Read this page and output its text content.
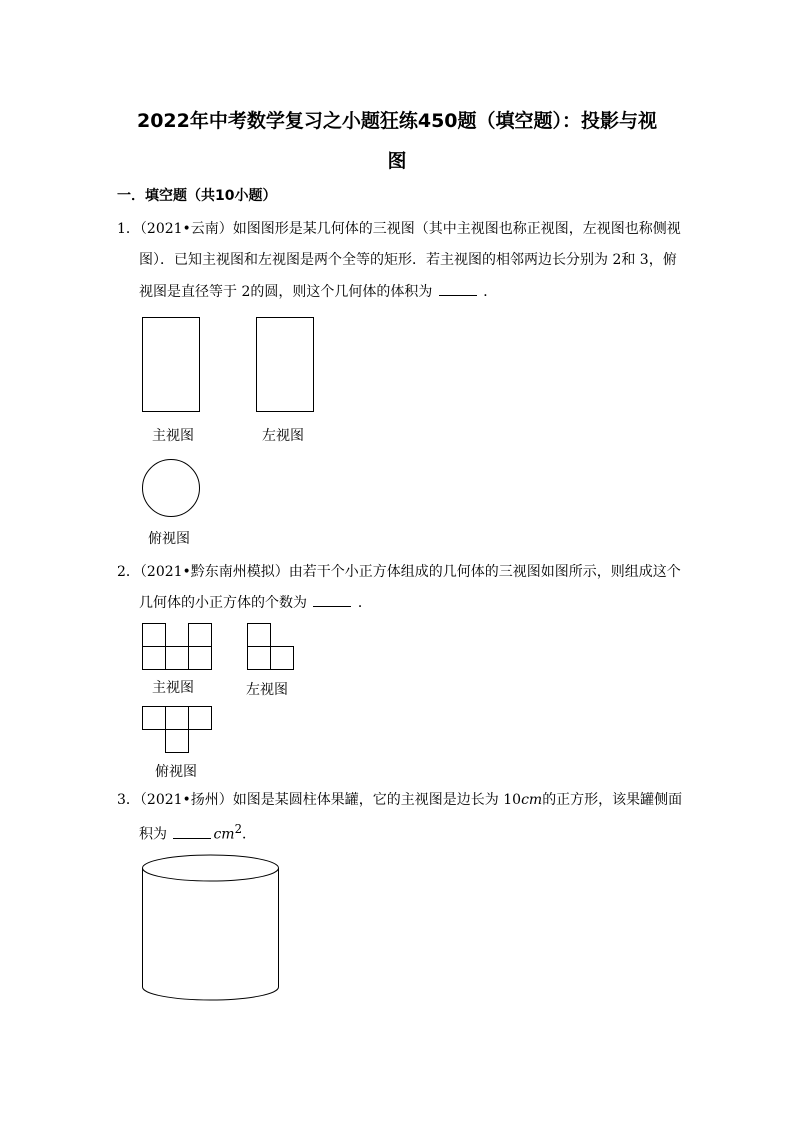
2022年中考数学复习之小题狂练450题（填空题）：投影与视
图
一．填空题（共10小题）
1．（2021•云南）如图图形是某几何体的三视图（其中主视图也称正视图，左视图也称侧视
图）．已知主视图和左视图是两个全等的矩形．若主视图的相邻两边长分别为 2和 3，俯
视图是直径等于 2的圆，则这个几何体的体积为	．
主视图	左视图
俯视图
2．（2021•黔东南州模拟）由若干个小正方体组成的几何体的三视图如图所示，则组成这个
几何体的小正方体的个数为	．
主视图	左视图
俯视图
3．（2021•扬州）如图是某圆柱体果罐，它的主视图是边长为 10cm的正方形，该果罐侧面
积为	$cm^2$．
